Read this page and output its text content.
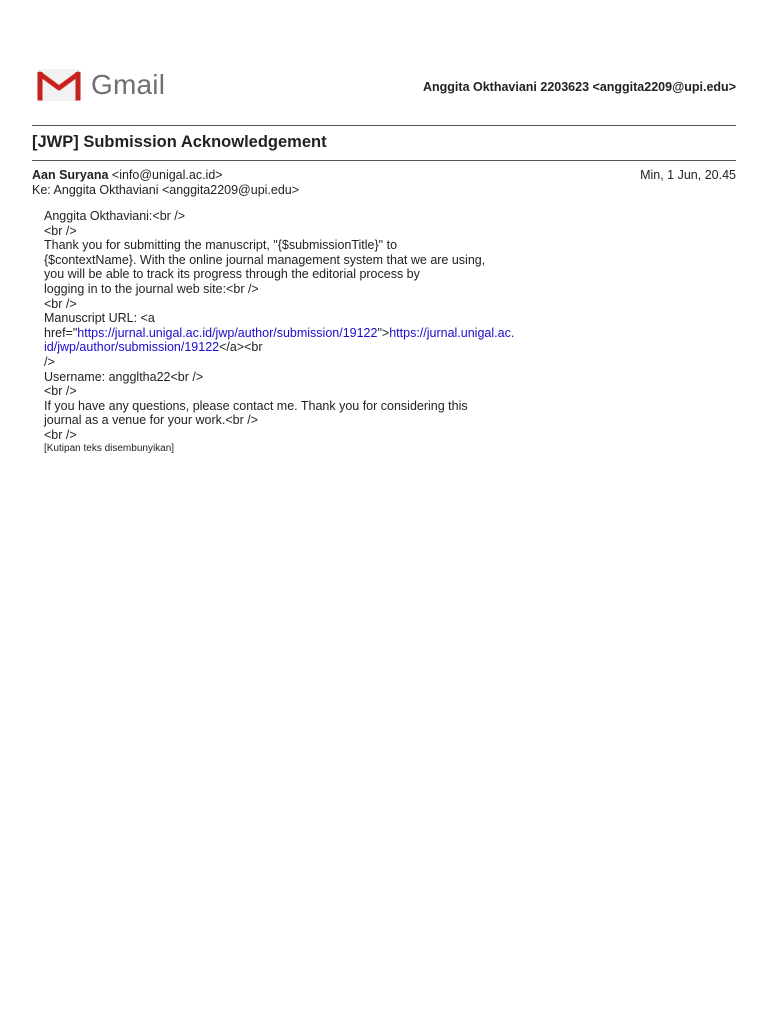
Gmail	Anggita Okthaviani 2203623 <anggita2209@upi.edu>
[JWP] Submission Acknowledgement
Aan Suryana <info@unigal.ac.id>	Min, 1 Jun, 20.45
Ke: Anggita Okthaviani <anggita2209@upi.edu>
Anggita Okthaviani:<br />
<br />
Thank you for submitting the manuscript, "{$submissionTitle}" to
{$contextName}. With the online journal management system that we are using,
you will be able to track its progress through the editorial process by
logging in to the journal web site:<br />
<br />
Manuscript URL: <a
href="https://jurnal.unigal.ac.id/jwp/author/submission/19122">https://jurnal.unigal.ac.
id/jwp/author/submission/19122</a><br
/>
Username: anggltha22<br />
<br />
If you have any questions, please contact me. Thank you for considering this
journal as a venue for your work.<br />
<br />
[Kutipan teks disembunyikan]
